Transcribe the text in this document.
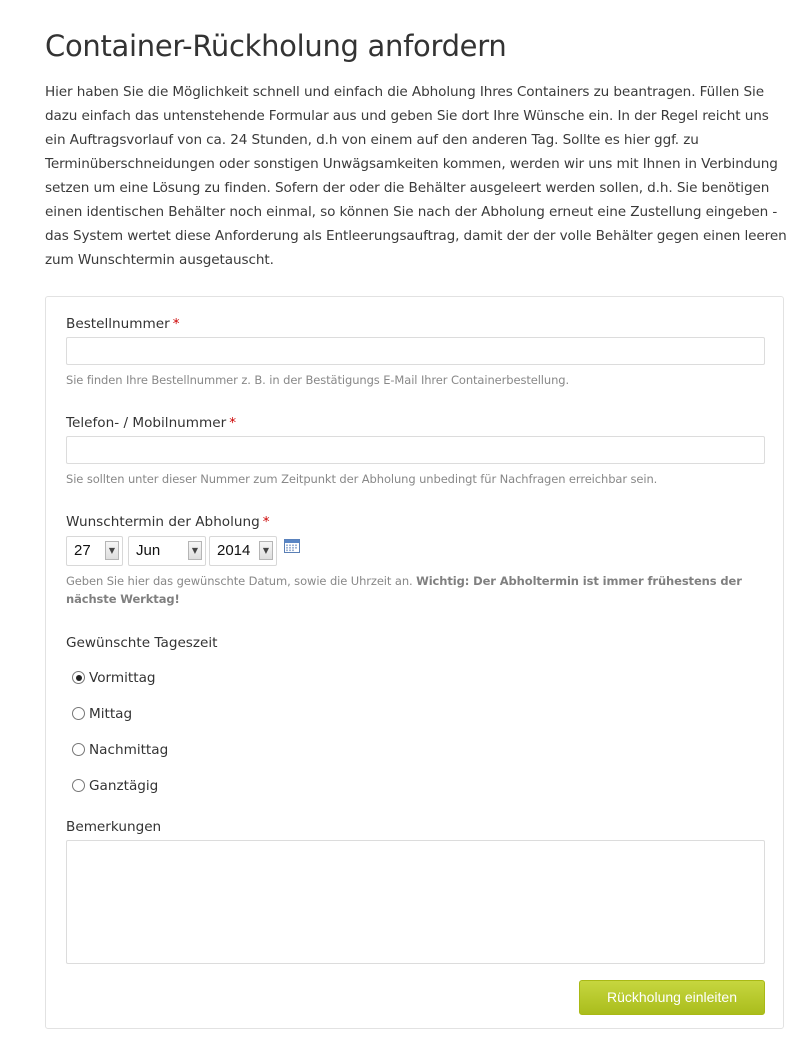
Container-Rückholung anfordern

Hier haben Sie die Möglichkeit schnell und einfach die Abholung Ihres Containers zu beantragen. Füllen Sie dazu einfach das untenstehende Formular aus und geben Sie dort Ihre Wünsche ein. In der Regel reicht uns ein Auftragsvorlauf von ca. 24 Stunden, d.h von einem auf den anderen Tag. Sollte es hier ggf. zu Terminüberschneidungen oder sonstigen Unwägsamkeiten kommen, werden wir uns mit Ihnen in Verbindung setzen um eine Lösung zu finden. Sofern der oder die Behälter ausgeleert werden sollen, d.h. Sie benötigen einen identischen Behälter noch einmal, so können Sie nach der Abholung erneut eine Zustellung eingeben - das System wertet diese Anforderung als Entleerungsauftrag, damit der der volle Behälter gegen einen leeren zum Wunschtermin ausgetauscht.

Bestellnummer *
Sie finden Ihre Bestellnummer z. B. in der Bestätigungs E-Mail Ihrer Containerbestellung.
Telefon- / Mobilnummer *
Sie sollten unter dieser Nummer zum Zeitpunkt der Abholung unbedingt für Nachfragen erreichbar sein.
Wunschtermin der Abholung *
27	▼ Jun	▼ 2014	▼
Geben Sie hier das gewünschte Datum, sowie die Uhrzeit an. Wichtig: Der Abholtermin ist immer frühestens der nächste Werktag!
Gewünschte Tageszeit
Vormittag
Mittag
Nachmittag
Ganztägig
Bemerkungen
Rückholung einleiten
